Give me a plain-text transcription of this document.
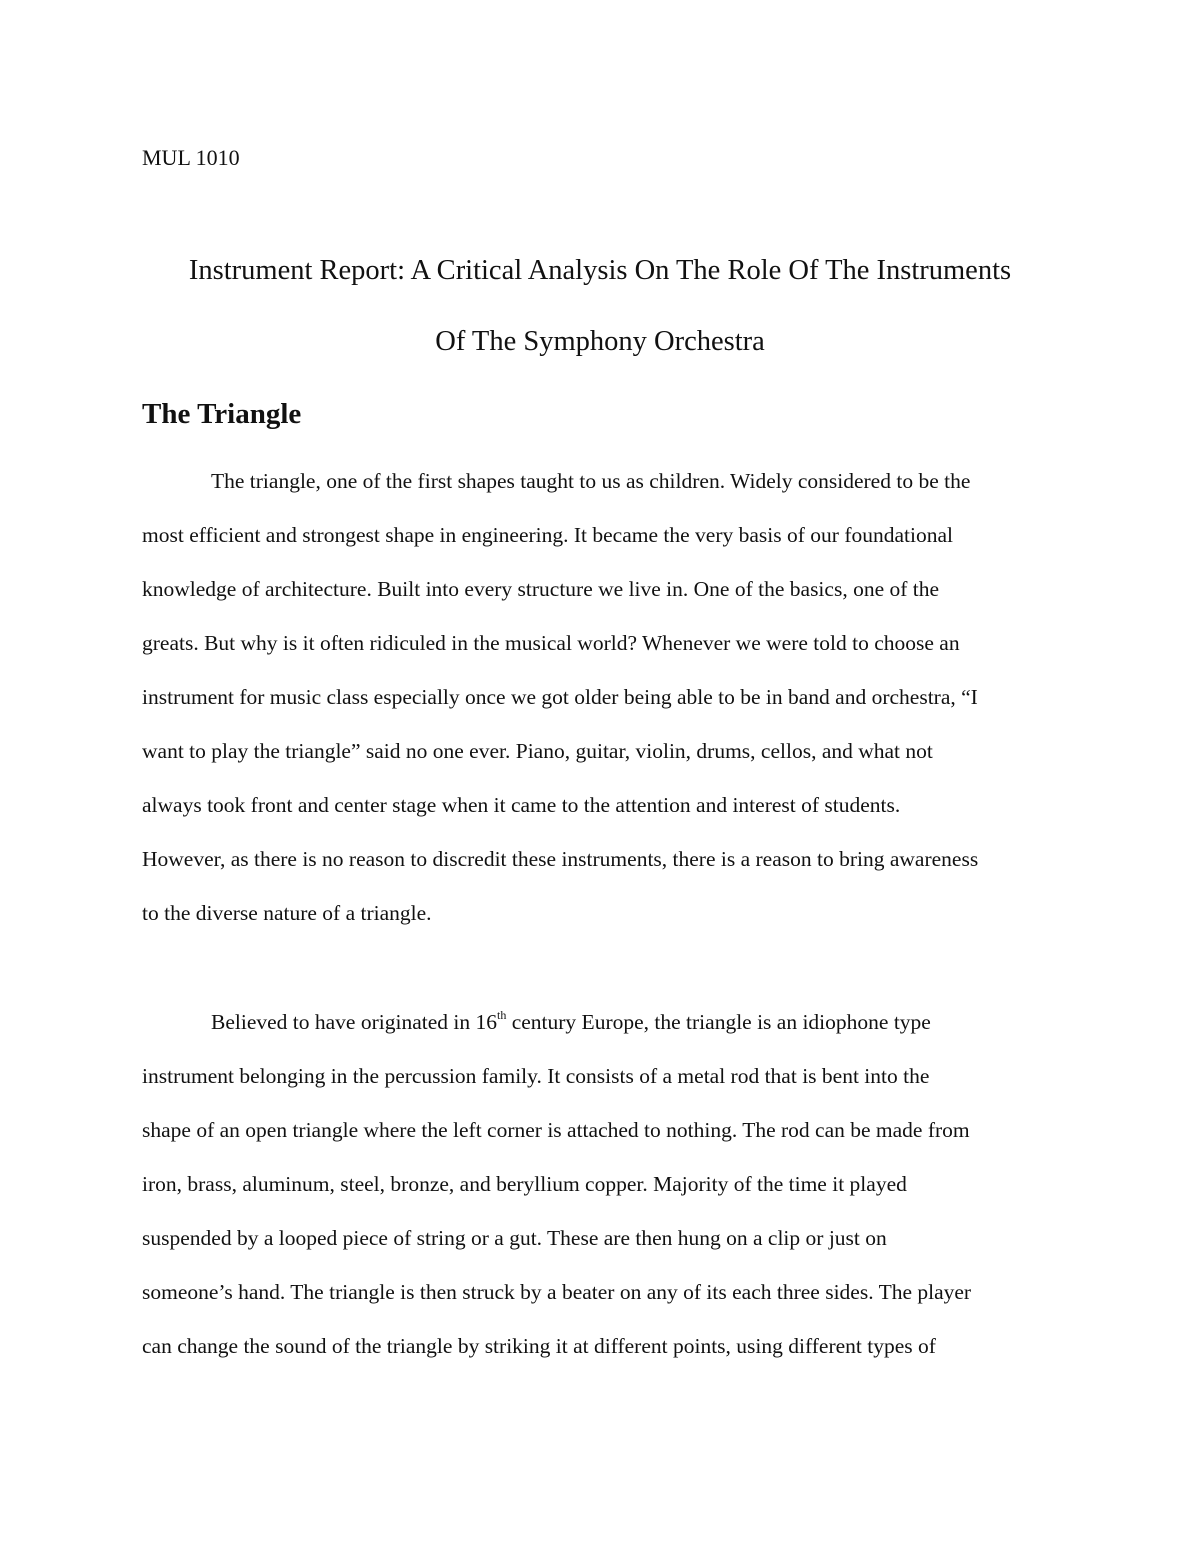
MUL 1010
Instrument Report: A Critical Analysis On The Role Of The Instruments
Of The Symphony Orchestra
The Triangle
The triangle, one of the first shapes taught to us as children. Widely considered to be the
most efficient and strongest shape in engineering. It became the very basis of our foundational
knowledge of architecture. Built into every structure we live in. One of the basics, one of the
greats. But why is it often ridiculed in the musical world? Whenever we were told to choose an
instrument for music class especially once we got older being able to be in band and orchestra, “I
want to play the triangle” said no one ever. Piano, guitar, violin, drums, cellos, and what not
always took front and center stage when it came to the attention and interest of students.
However, as there is no reason to discredit these instruments, there is a reason to bring awareness
to the diverse nature of a triangle.
Believed to have originated in 16th century Europe, the triangle is an idiophone type
instrument belonging in the percussion family. It consists of a metal rod that is bent into the
shape of an open triangle where the left corner is attached to nothing. The rod can be made from
iron, brass, aluminum, steel, bronze, and beryllium copper. Majority of the time it played
suspended by a looped piece of string or a gut. These are then hung on a clip or just on
someone’s hand. The triangle is then struck by a beater on any of its each three sides. The player
can change the sound of the triangle by striking it at different points, using different types of
